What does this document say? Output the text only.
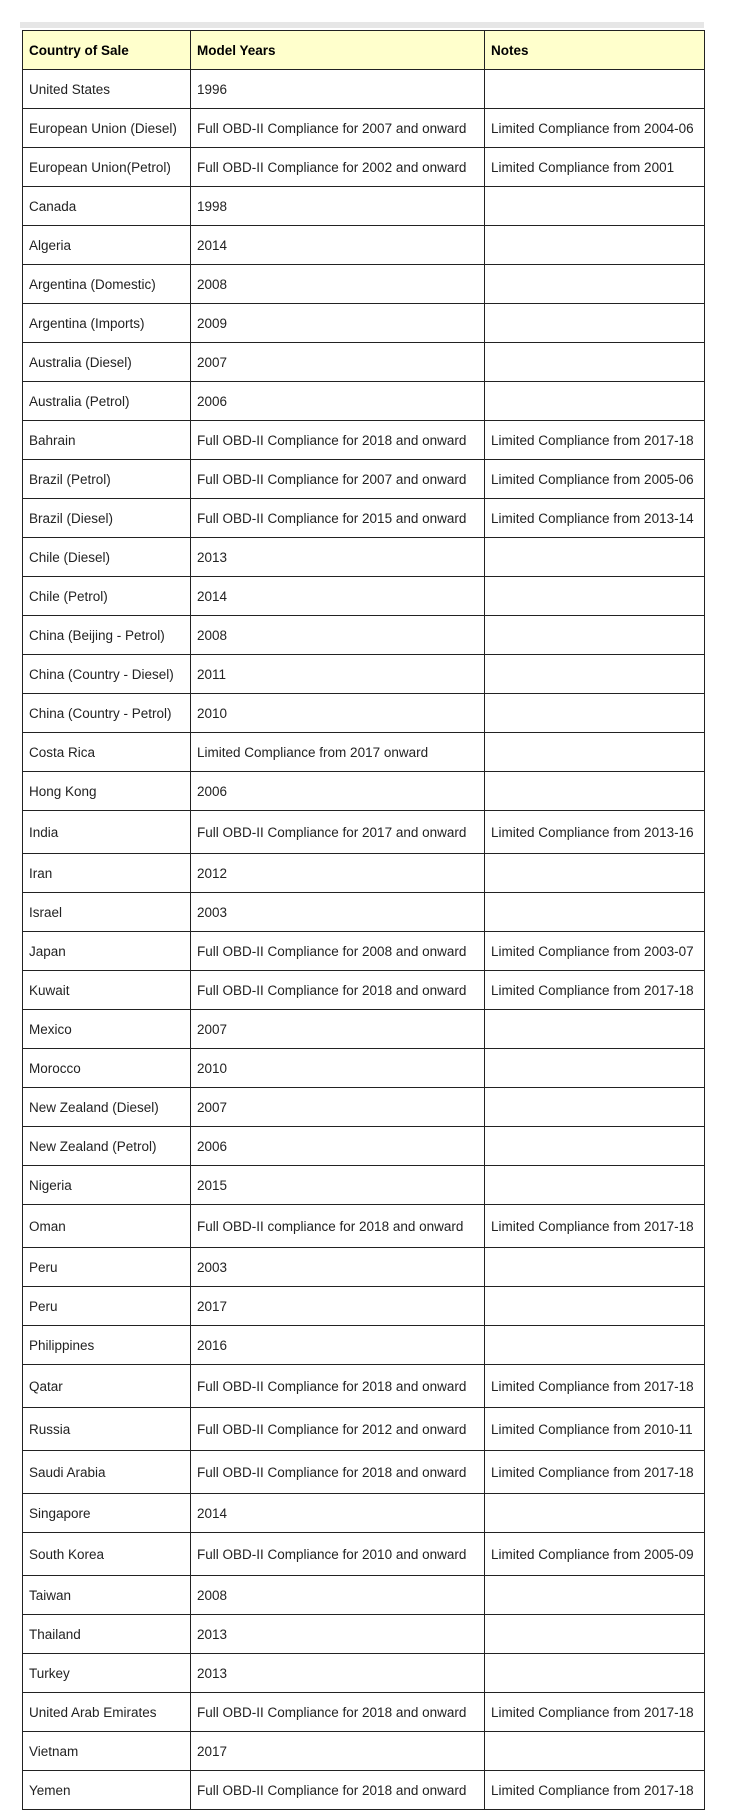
Country of Sale	Model Years	Notes
United States	1996	
European Union (Diesel)	Full OBD-II Compliance for 2007 and onward	Limited Compliance from 2004-06
European Union(Petrol)	Full OBD-II Compliance for 2002 and onward	Limited Compliance from 2001
Canada	1998	
Algeria	2014	
Argentina (Domestic)	2008	
Argentina (Imports)	2009	
Australia (Diesel)	2007	
Australia (Petrol)	2006	
Bahrain	Full OBD-II Compliance for 2018 and onward	Limited Compliance from 2017-18
Brazil (Petrol)	Full OBD-II Compliance for 2007 and onward	Limited Compliance from 2005-06
Brazil (Diesel)	Full OBD-II Compliance for 2015 and onward	Limited Compliance from 2013-14
Chile (Diesel)	2013	
Chile (Petrol)	2014	
China (Beijing - Petrol)	2008	
China (Country - Diesel)	2011	
China (Country - Petrol)	2010	
Costa Rica	Limited Compliance from 2017 onward	
Hong Kong	2006	
India	Full OBD-II Compliance for 2017 and onward	Limited Compliance from 2013-16
Iran	2012	
Israel	2003	
Japan	Full OBD-II Compliance for 2008 and onward	Limited Compliance from 2003-07
Kuwait	Full OBD-II Compliance for 2018 and onward	Limited Compliance from 2017-18
Mexico	2007	
Morocco	2010	
New Zealand (Diesel)	2007	
New Zealand (Petrol)	2006	
Nigeria	2015	
Oman	Full OBD-II compliance for 2018 and onward	Limited Compliance from 2017-18
Peru	2003	
Peru	2017	
Philippines	2016	
Qatar	Full OBD-II Compliance for 2018 and onward	Limited Compliance from 2017-18
Russia	Full OBD-II Compliance for 2012 and onward	Limited Compliance from 2010-11
Saudi Arabia	Full OBD-II Compliance for 2018 and onward	Limited Compliance from 2017-18
Singapore	2014	
South Korea	Full OBD-II Compliance for 2010 and onward	Limited Compliance from 2005-09
Taiwan	2008	
Thailand	2013	
Turkey	2013	
United Arab Emirates	Full OBD-II Compliance for 2018 and onward	Limited Compliance from 2017-18
Vietnam	2017	
Yemen	Full OBD-II Compliance for 2018 and onward	Limited Compliance from 2017-18
